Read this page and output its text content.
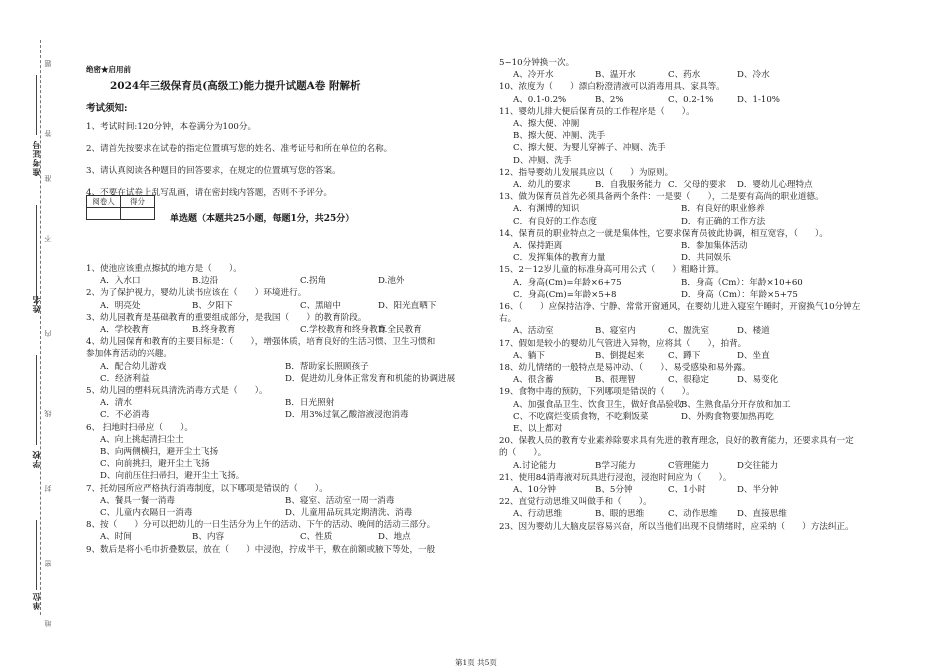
绝密★启用前
2024年三级保育员(高级工)能力提升试题A卷 附解析
考试须知:
阅卷人	得分

单选题（本题共25小题，每题1分，共25分）
第1页 共5页
准考证号
姓名
学校
单位
题
答
准
不
内
线
封
密
地
1、考试时间:120分钟，本卷满分为100分。
2、请首先按要求在试卷的指定位置填写您的姓名、准考证号和所在单位的名称。
3、请认真阅读各种题目的回答要求，在规定的位置填写您的答案。
4、不要在试卷上乱写乱画，请在密封线内答题，否则不予评分。
1、使池应该重点擦拭的地方是（　　）。
A．入水口	B.边沿	C.拐角	D.池外
2、为了保护视力，婴幼儿读书应该在（　　）环境进行。
A．明亮处	B、夕阳下	C、黑暗中	D、阳光直晒下
3、幼儿园教育是基础教育的重要组成部分，是我国（　　）的教育阶段。
A．学校教育	B.终身教育	C.学校教育和终身教育
D.全民教育
4、幼儿园保育和教育的主要目标是：（　　），增强体质，培育良好的生活习惯、卫生习惯和
参加体育活动的兴趣。
A．配合幼儿游戏	B．帮助家长照顾孩子
C．经济利益	D．促进幼儿身体正常发育和机能的协调进展
5、幼儿园的塑料玩具清洗消毒方式是（　　）。
A．清水	B．日光照射
C．不必消毒	D．用3%过氧乙酸溶液浸泡消毒
6、 扫地时扫帚应（　　）。
A、向上挑起清扫尘土
B、向两侧横扫，避开尘土飞扬
C、向前挑扫，避开尘土飞扬
D、向前压住扫帚扫，避开尘土飞扬。
7、托幼园所应严格执行消毒制度，以下哪项是错误的（　　）。
A、餐具一餐一消毒	B、寝室、活动室一周一消毒
C、儿童内衣隔日一消毒	D、儿童用品玩具定期清洗、消毒
8、按（　　）分可以把幼儿的一日生活分为上午的活动、下午的活动、晚间的活动三部分。
A、时间	B、内容	C、性质	D、地点
9、数后是将小毛巾折叠数层，放在（　　）中浸泡，拧成半干，敷在前额或腋下等处，一般
5~10分钟换一次。
A、冷开水	B、温开水	C、药水	D、冷水
10、浓度为（　　）漂白粉澄清液可以消毒用具、家具等。
A、0.1-0.2%	B、2%	C、0.2-1%	D、1-10%
11、婴幼儿排大便后保育员的工作程序是（　　）。
A、擦大便、冲厕
B、擦大便、冲厕、洗手
C、擦大便、为婴儿穿裤子、冲厕、洗手
D、冲厕、洗手
12、指导婴幼儿发展具应以（　　）为原则。
A．幼儿的要求	B．自我服务能力 C．父母的要求 D．婴幼儿心理特点
13、做为保育员首先必须具备两个条件：一是要（　　），二是要有高尚的职业道德。
A．有渊博的知识	B．有良好的职业修养
C．有良好的工作态度	D．有正确的工作方法
14、保育员的职业特点之一就是集体性，它要求保育员彼此协调，相互宽容，（　　）。
A．保持距离	B．参加集体活动
C．发挥集体的教育力量	D．共同娱乐
15、2－12岁儿童的标准身高可用公式（　　）粗略计算。
A．身高(Cm)=年龄×6+75	B．身高（Cm）：年龄×10+60
C．身高(Cm)=年龄×5+8	D．身高（Cm）：年龄×5+75
16、（　　）应保持洁净、宁静、常常开窗通风，在婴幼儿进入寝室午睡时，开窗换气10分钟左
右。
A、活动室	B、寝室内	C、盥洗室	D、楼道
17、假如是较小的婴幼儿气管进入异物，应将其（　　），拍背。
A、躺下	B、倒提起来	C、蹲下	D、坐直
18、幼儿情绪的一般特点是易冲动、（　　）、易受感染和易外露。
A、很含蓄	B、很理智	C、很稳定	D、易变化
19、食物中毒的预防，下列哪项是错误的（　　）。
A、加强食品卫生、饮食卫生，做好食品验收
B、生熟食品分开存放和加工
C、不吃腐烂变质食物，不吃剩饭菜	D、外购食物要加热再吃
E、以上都对
20、保教人员的教育专业素养除要求具有先进的教育理念，良好的教育能力，还要求具有一定
的（　　）。
A.讨论能力	B学习能力	C管理能力	D交往能力
21、使用84消毒液对玩具进行浸泡，浸泡时间应为（　　）。
A、10分钟	B、5分钟	C、1小时	D、半分钟
22、直觉行动思维又叫做手和（　　）。
A、行动思维	B、眼的思维	C、动作思维 D、直接思维
23、因为婴幼儿大脑皮层容易兴奋，所以当他们出现不良情绪时，应采纳（　　）方法纠正。
